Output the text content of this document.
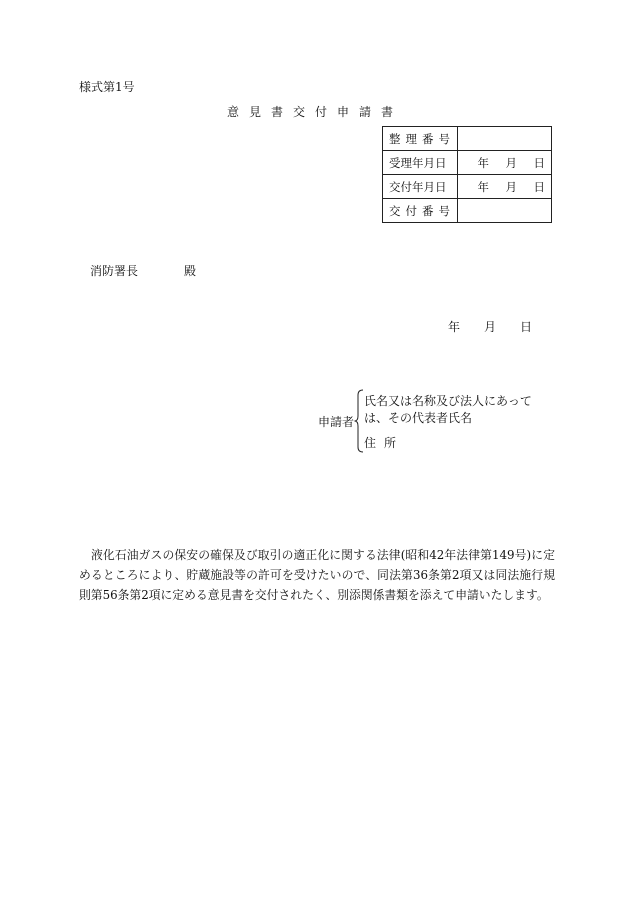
様式第1号
意見書交付申請書
整理番号	
受理年月日	年 月 日

交付年月日	年 月 日

交付番号	
消防署長	殿
年 月 日
申請者
氏名又は名称及び法人にあっては、その代表者氏名
住所
液化石油ガスの保安の確保及び取引の適正化に関する法律(昭和42年法律第149号)に定めるところにより、貯蔵施設等の許可を受けたいので、同法第36条第2項又は同法施行規則第56条第2項に定める意見書を交付されたく、別添関係書類を添えて申請いたします。
